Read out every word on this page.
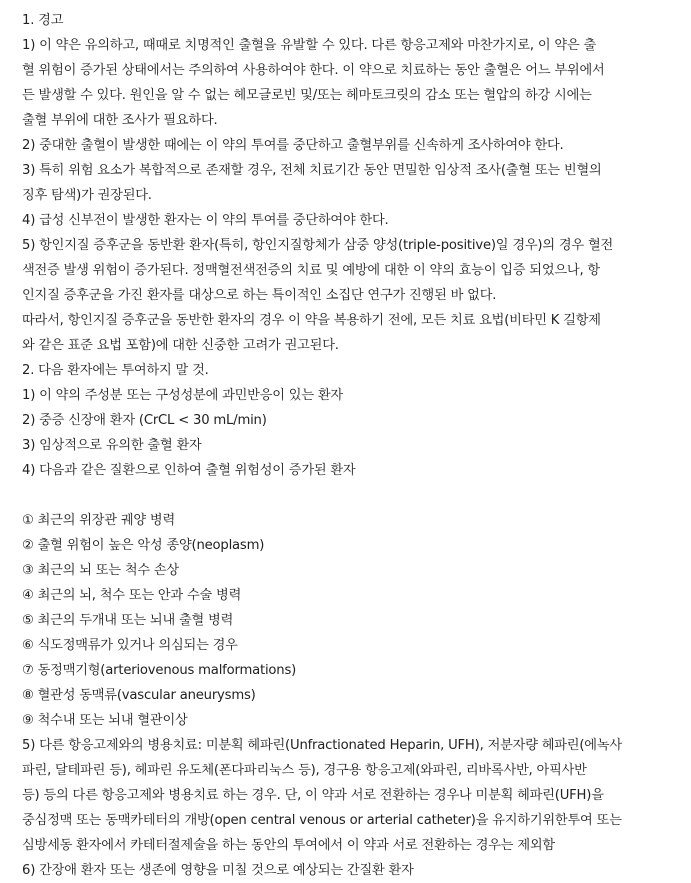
1. 경고
1) 이 약은 유의하고, 때때로 치명적인 출혈을 유발할 수 있다. 다른 항응고제와 마찬가지로, 이 약은 출
혈 위험이 증가된 상태에서는 주의하여 사용하여야 한다. 이 약으로 치료하는 동안 출혈은 어느 부위에서
든 발생할 수 있다. 원인을 알 수 없는 헤모글로빈 및/또는 헤마토크릿의 감소 또는 혈압의 하강 시에는
출혈 부위에 대한 조사가 필요하다.
2) 중대한 출혈이 발생한 때에는 이 약의 투여를 중단하고 출혈부위를 신속하게 조사하여야 한다.
3) 특히 위험 요소가 복합적으로 존재할 경우, 전체 치료기간 동안 면밀한 임상적 조사(출혈 또는 빈혈의
징후 탐색)가 권장된다.
4) 급성 신부전이 발생한 환자는 이 약의 투여를 중단하여야 한다.
5) 항인지질 증후군을 동반환 환자(특히, 항인지질항체가 삼중 양성(triple-positive)일 경우)의 경우 혈전
색전증 발생 위험이 증가된다. 정맥혈전색전증의 치료 및 예방에 대한 이 약의 효능이 입증 되었으나, 항
인지질 증후군을 가진 환자를 대상으로 하는 특이적인 소집단 연구가 진행된 바 없다.
따라서, 항인지질 증후군을 동반한 환자의 경우 이 약을 복용하기 전에, 모든 치료 요법(비타민 K 길항제
와 같은 표준 요법 포함)에 대한 신중한 고려가 권고된다.
2. 다음 환자에는 투여하지 말 것.
1) 이 약의 주성분 또는 구성성분에 과민반응이 있는 환자
2) 중증 신장애 환자 (CrCL < 30 mL/min)
3) 임상적으로 유의한 출혈 환자
4) 다음과 같은 질환으로 인하여 출혈 위험성이 증가된 환자
① 최근의 위장관 궤양 병력
② 출혈 위험이 높은 악성 종양(neoplasm)
③ 최근의 뇌 또는 척수 손상
④ 최근의 뇌, 척수 또는 안과 수술 병력
⑤ 최근의 두개내 또는 뇌내 출혈 병력
⑥ 식도정맥류가 있거나 의심되는 경우
⑦ 동정맥기형(arteriovenous malformations)
⑧ 혈관성 동맥류(vascular aneurysms)
⑨ 척수내 또는 뇌내 혈관이상
5) 다른 항응고제와의 병용치료: 미분획 헤파린(Unfractionated Heparin, UFH), 저분자량 헤파린(에녹사
파린, 달테파린 등), 헤파린 유도체(폰다파리눅스 등), 경구용 항응고제(와파린, 리바록사반, 아픽사반
등) 등의 다른 항응고제와 병용치료 하는 경우. 단, 이 약과 서로 전환하는 경우나 미분획 헤파린(UFH)을
중심정맥 또는 동맥카테터의 개방(open central venous or arterial catheter)을 유지하기위한투여 또는
심방세동 환자에서 카테터절제술을 하는 동안의 투여에서 이 약과 서로 전환하는 경우는 제외함
6) 간장애 환자 또는 생존에 영향을 미칠 것으로 예상되는 간질환 환자
